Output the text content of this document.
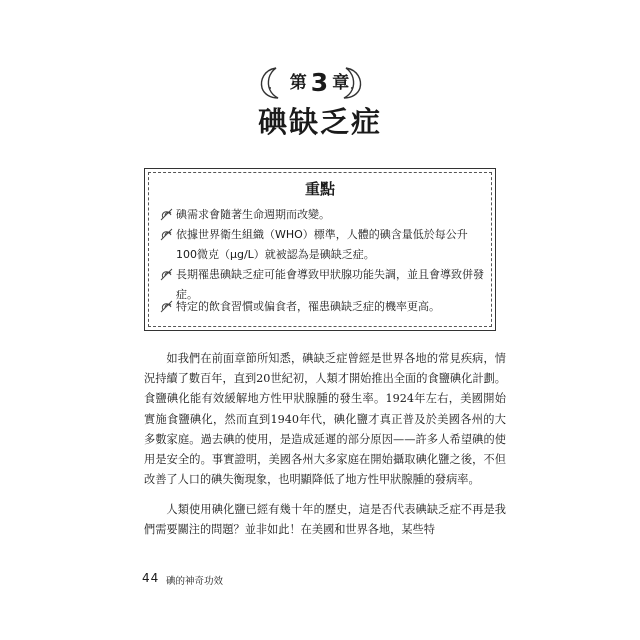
第 3 章
碘缺乏症
重點
碘需求會隨著生命週期而改變。
依據世界衛生組織（WHO）標準，人體的碘含量低於每公升100微克（μg/L）就被認為是碘缺乏症。
長期罹患碘缺乏症可能會導致甲狀腺功能失調，並且會導致併發症。
特定的飲食習慣或偏食者，罹患碘缺乏症的機率更高。
如我們在前面章節所知悉，碘缺乏症曾經是世界各地的常見疾病，情況持續了數百年，直到20世紀初，人類才開始推出全面的食鹽碘化計劃。食鹽碘化能有效緩解地方性甲狀腺腫的發生率。1924年左右，美國開始實施食鹽碘化，然而直到1940年代，碘化鹽才真正普及於美國各州的大多數家庭。過去碘的使用，是造成延遲的部分原因——許多人希望碘的使用是安全的。事實證明，美國各州大多家庭在開始攝取碘化鹽之後，不但改善了人口的碘失衡現象，也明顯降低了地方性甲狀腺腫的發病率。
人類使用碘化鹽已經有幾十年的歷史，這是否代表碘缺乏症不再是我們需要關注的問題？並非如此！在美國和世界各地，某些特
44 碘的神奇功效
